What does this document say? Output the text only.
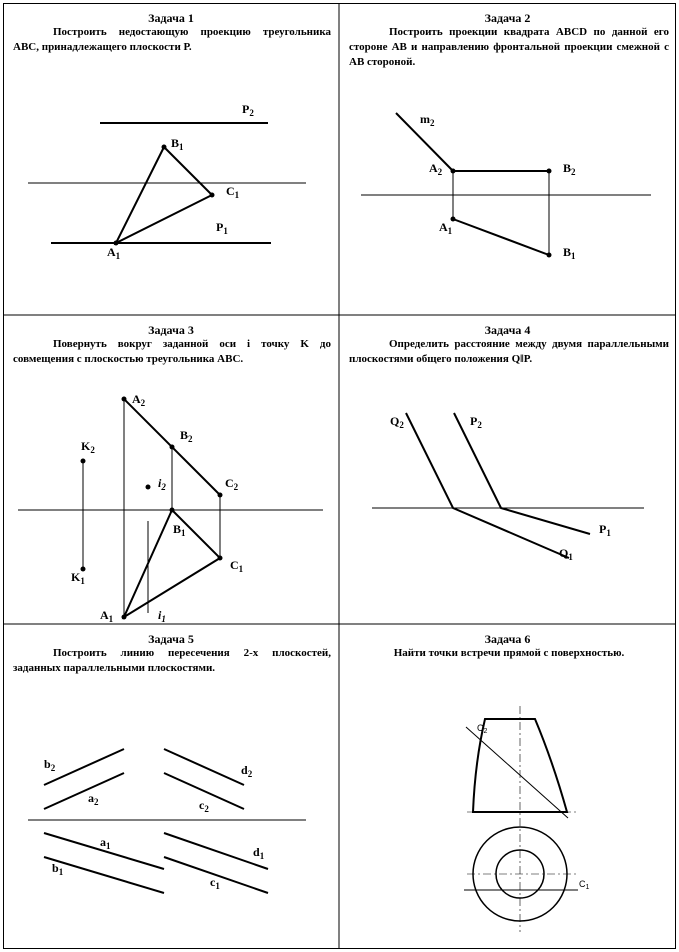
Задача 1
Построить недостающую проекцию треугольника АВС, принадлежащего плоскости Р.
$P_2$
$B_1$
$C_1$
$P_1$
$A_1$
Задача 2
Построить проекции квадрата ABCD по данной его стороне AB и направлению фронтальной проекции смежной с AB стороной.
$m_2$
$A_2$	$B_2$
$A_1$
$B_1$
Задача 3
Повернуть вокруг заданной оси i точку K до совмещения с плоскостью треугольника ABC.
$A_2$
$B_2$
$K_2$
$i_2$	$C_2$
$B_1$
$C_1$
$K_1$
$A_1$	$i_1$
Задача 4
Определить расстояние между двумя параллельными плоскостями общего положения Q‖P.
$Q_2$	$P_2$
$P_1$
$Q_1$
Задача 5
Построить линию пересечения 2-х плоскостей, заданных параллельными плоскостями.
$b_2$
$a_2$
$d_2$
$c_2$
$a_1$	$d_1$
$b_1$
$c_1$
Задача 6
Найти точки встречи прямой с поверхностью.
$C_2$
$C_1$
